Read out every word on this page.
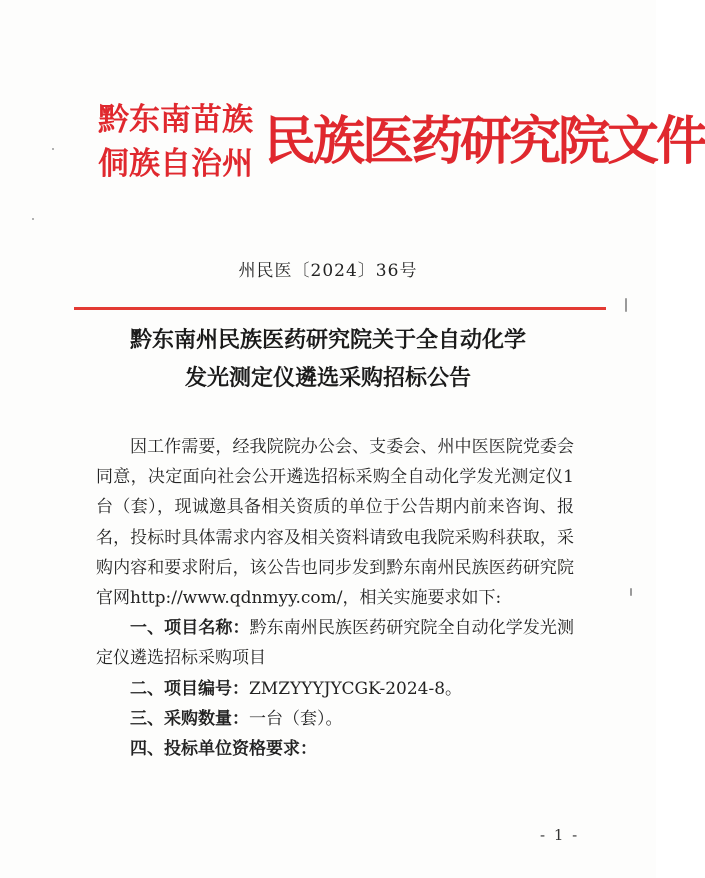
黔东南苗族
侗族自治州 民族医药研究院文件
州民医〔2024〕36号
黔东南州民族医药研究院关于全自动化学
发光测定仪遴选采购招标公告

因工作需要，经我院院办公会、支委会、州中医医院党委会同意，决定面向社会公开遴选招标采购全自动化学发光测定仪1台（套），现诚邀具备相关资质的单位于公告期内前来咨询、报名，投标时具体需求内容及相关资料请致电我院采购科获取，采购内容和要求附后，该公告也同步发到黔东南州民族医药研究院官网http://www.qdnmyy.com/，相关实施要求如下:

一、项目名称：黔东南州民族医药研究院全自动化学发光测定仪遴选招标采购项目

二、项目编号：ZMZYYYJYCGK-2024-8。

三、采购数量：一台（套）。

四、投标单位资格要求：

- 1 -
